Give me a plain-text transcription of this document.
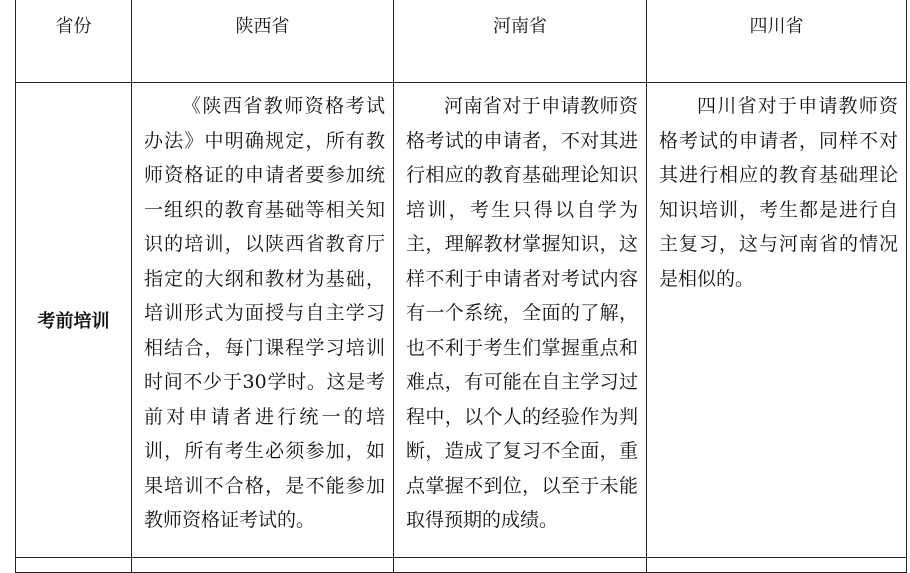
省份	陕西省	河南省	四川省
考前培训	《陕西省教师资格考试办法》中明确规定，所有教师资格证的申请者要参加统一组织的教育基础等相关知识的培训，以陕西省教育厅指定的大纲和教材为基础，培训形式为面授与自主学习相结合，每门课程学习培训时间不少于30学时。这是考前对申请者进行统一的培训，所有考生必须参加，如果培训不合格，是不能参加教师资格证考试的。	河南省对于申请教师资格考试的申请者，不对其进行相应的教育基础理论知识培训，考生只得以自学为主，理解教材掌握知识，这样不利于申请者对考试内容有一个系统，全面的了解，也不利于考生们掌握重点和难点，有可能在自主学习过程中，以个人的经验作为判断，造成了复习不全面，重点掌握不到位，以至于未能取得预期的成绩。	四川省对于申请教师资格考试的申请者，同样不对其进行相应的教育基础理论知识培训，考生都是进行自主复习，这与河南省的情况是相似的。
